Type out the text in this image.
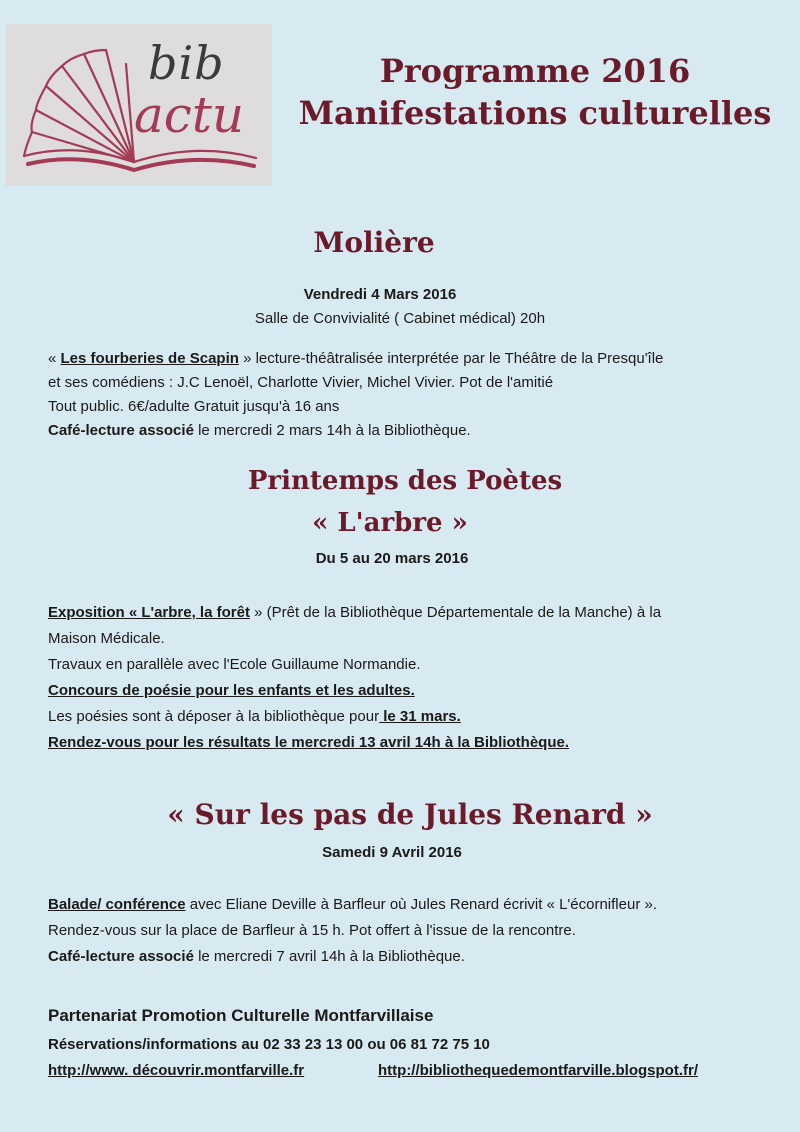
bib
actu
Programme 2016
Manifestations culturelles
Molière
Vendredi 4 Mars 2016
Salle de Convivialité ( Cabinet médical) 20h
« Les fourberies de Scapin » lecture-théâtralisée interprétée par le Théâtre de la Presqu'île
et ses comédiens : J.C Lenoël, Charlotte Vivier, Michel Vivier. Pot de l'amitié
Tout public. 6€/adulte Gratuit jusqu'à 16 ans
Café-lecture associé le mercredi 2 mars 14h à la Bibliothèque.
Printemps des Poètes
« L'arbre »
Du 5 au 20 mars 2016
Exposition « L'arbre, la forêt » (Prêt de la Bibliothèque Départementale de la Manche) à la
Maison Médicale.
Travaux en parallèle avec l'Ecole Guillaume Normandie.
Concours de poésie pour les enfants et les adultes.
Les poésies sont à déposer à la bibliothèque pour le 31 mars.
Rendez-vous pour les résultats le mercredi 13 avril 14h à la Bibliothèque.
« Sur les pas de Jules Renard »
Samedi 9 Avril 2016
Balade/ conférence avec Eliane Deville à Barfleur où Jules Renard écrivit « L'écornifleur ».
Rendez-vous sur la place de Barfleur à 15 h. Pot offert à l'issue de la rencontre.
Café-lecture associé le mercredi 7 avril 14h à la Bibliothèque.
Partenariat Promotion Culturelle Montfarvillaise
Réservations/informations au 02 33 23 13 00 ou 06 81 72 75 10
http://www. découvrir.montfarville.fr	http://bibliothequedemontfarville.blogspot.fr/
